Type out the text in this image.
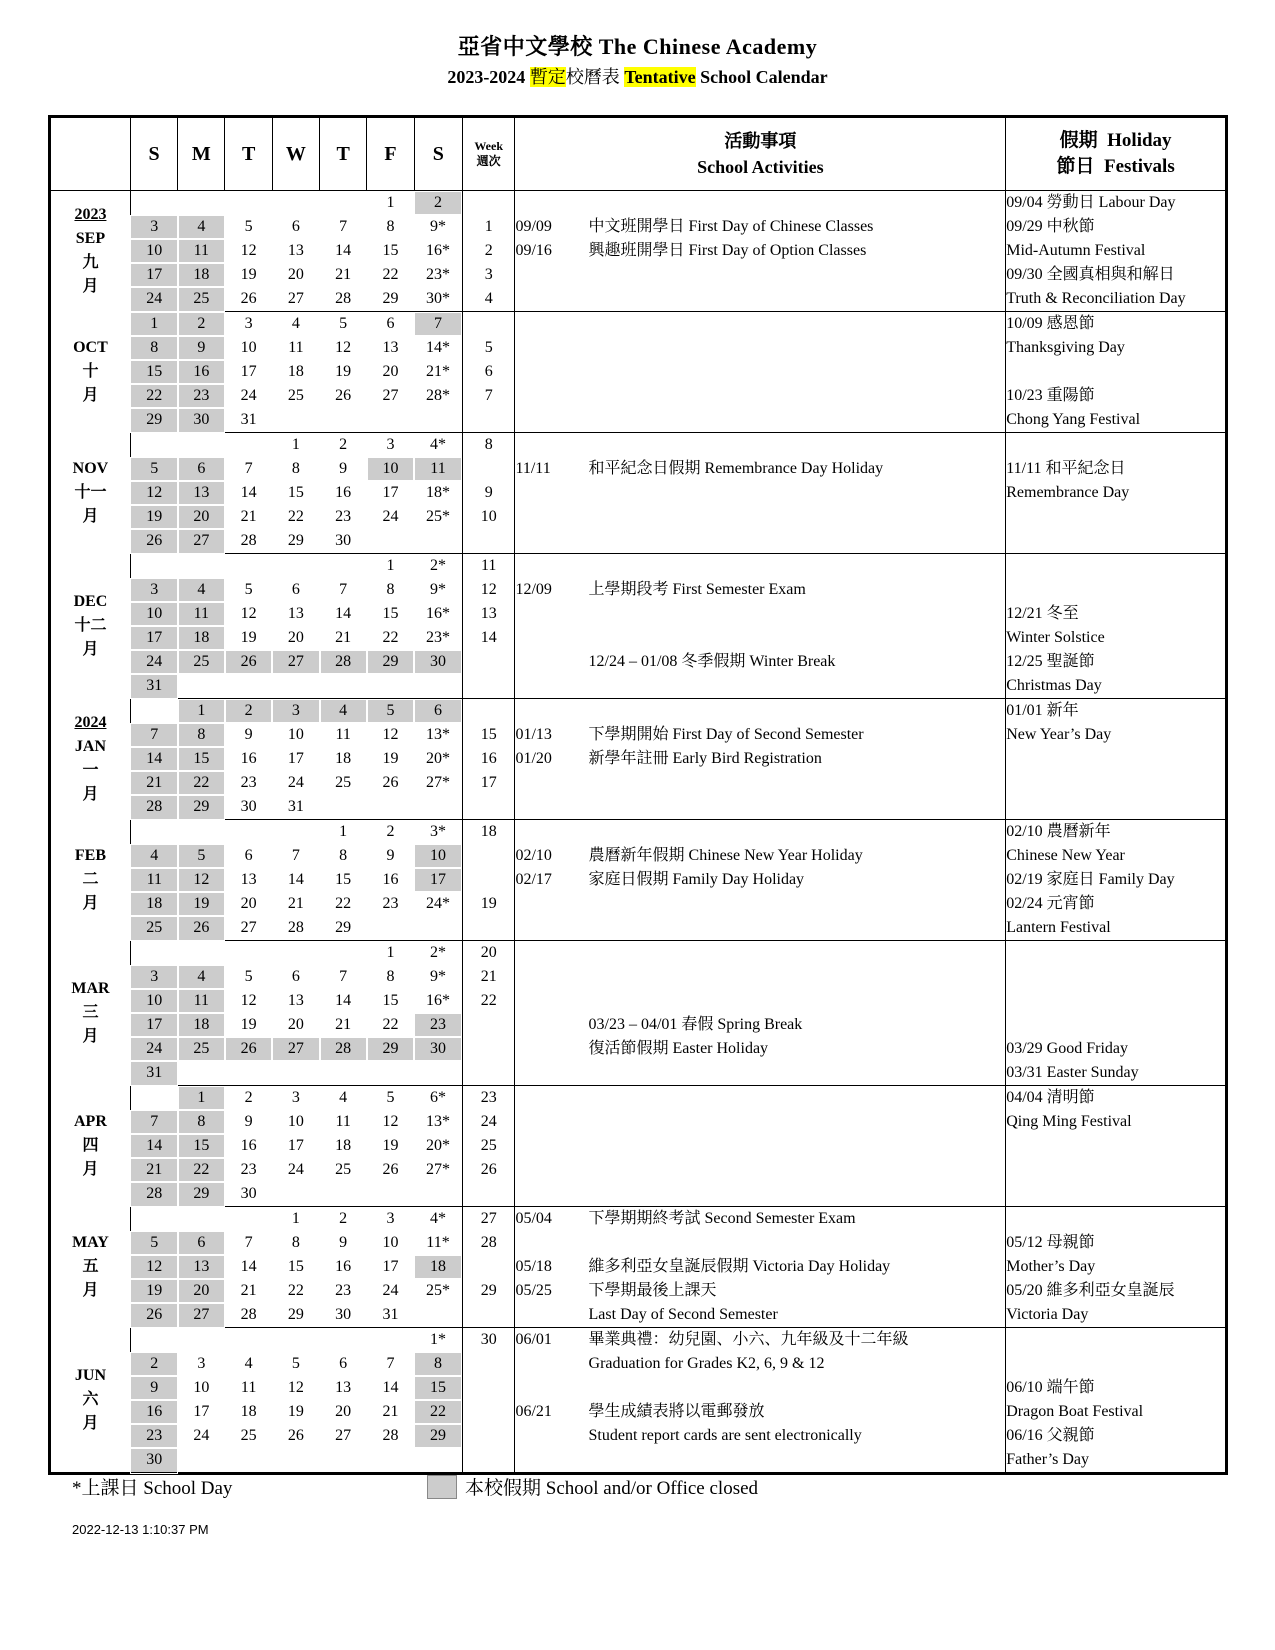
亞省中文學校 The Chinese Academy
2023-2024 暫定校曆表 Tentative School Calendar
	S	M	T	W	T	F	S	Week
週次	活動事項
School Activities		假期 Holiday
節日 Festivals

2023
SEP
九
月						1	2				09/04 勞動日 Labour Day
	3	4	5	6	7	8	9*	1	09/09	中文班開學日 First Day of Chinese Classes	09/29 中秋節
	10	11	12	13	14	15	16*	2	09/16	興趣班開學日 First Day of Option Classes	Mid-Autumn Festival
	17	18	19	20	21	22	23*	3			09/30 全國真相與和解日
	24	25	26	27	28	29	30*	4			Truth & Reconciliation Day

OCT
十
月	1	2	3	4	5	6	7				10/09 感恩節
	8	9	10	11	12	13	14*	5			Thanksgiving Day
	15	16	17	18	19	20	21*	6			
	22	23	24	25	26	27	28*	7			10/23 重陽節
	29	30	31								Chong Yang Festival

NOV
十一
月				1	2	3	4*	8			
	5	6	7	8	9	10	11		11/11	和平紀念日假期 Remembrance Day Holiday	11/11 和平紀念日
	12	13	14	15	16	17	18*	9			Remembrance Day
	19	20	21	22	23	24	25*	10			
	26	27	28	29	30						

DEC
十二
月						1	2*	11			
	3	4	5	6	7	8	9*	12	12/09	上學期段考 First Semester Exam	
	10	11	12	13	14	15	16*	13			12/21 冬至
	17	18	19	20	21	22	23*	14			Winter Solstice
	24	25	26	27	28	29	30			12/24 – 01/08 冬季假期 Winter Break	12/25 聖誕節
	31										Christmas Day

2024
JAN
一
月		1	2	3	4	5	6				01/01 新年
	7	8	9	10	11	12	13*	15	01/13	下學期開始 First Day of Second Semester	New Year’s Day
	14	15	16	17	18	19	20*	16	01/20	新學年註冊 Early Bird Registration	
	21	22	23	24	25	26	27*	17			
	28	29	30	31							

FEB
二
月					1	2	3*	18			02/10 農曆新年
	4	5	6	7	8	9	10		02/10	農曆新年假期 Chinese New Year Holiday	Chinese New Year
	11	12	13	14	15	16	17		02/17	家庭日假期 Family Day Holiday	02/19 家庭日 Family Day
	18	19	20	21	22	23	24*	19			02/24 元宵節
	25	26	27	28	29						Lantern Festival

MAR
三
月						1	2*	20			
	3	4	5	6	7	8	9*	21			
	10	11	12	13	14	15	16*	22			
	17	18	19	20	21	22	23			03/23 – 04/01 春假 Spring Break	
	24	25	26	27	28	29	30			復活節假期 Easter Holiday	03/29 Good Friday
	31										03/31 Easter Sunday

APR
四
月		1	2	3	4	5	6*	23			04/04 清明節
	7	8	9	10	11	12	13*	24			Qing Ming Festival
	14	15	16	17	18	19	20*	25			
	21	22	23	24	25	26	27*	26			
	28	29	30								

MAY
五
月				1	2	3	4*	27	05/04	下學期期終考試 Second Semester Exam	
	5	6	7	8	9	10	11*	28			05/12 母親節
	12	13	14	15	16	17	18		05/18	維多利亞女皇誕辰假期 Victoria Day Holiday	Mother’s Day
	19	20	21	22	23	24	25*	29	05/25	下學期最後上課天	05/20 維多利亞女皇誕辰
	26	27	28	29	30	31				Last Day of Second Semester	Victoria Day

JUN
六
月							1*	30	06/01	畢業典禮：幼兒園、小六、九年級及十二年級	
	2	3	4	5	6	7	8			Graduation for Grades K2, 6, 9 & 12	
	9	10	11	12	13	14	15				06/10 端午節
	16	17	18	19	20	21	22		06/21	學生成績表將以電郵發放	Dragon Boat Festival
	23	24	25	26	27	28	29			Student report cards are sent electronically	06/16 父親節
	30										Father’s Day
*上課日 School Day	本校假期 School and/or Office closed
2022-12-13 1:10:37 PM
